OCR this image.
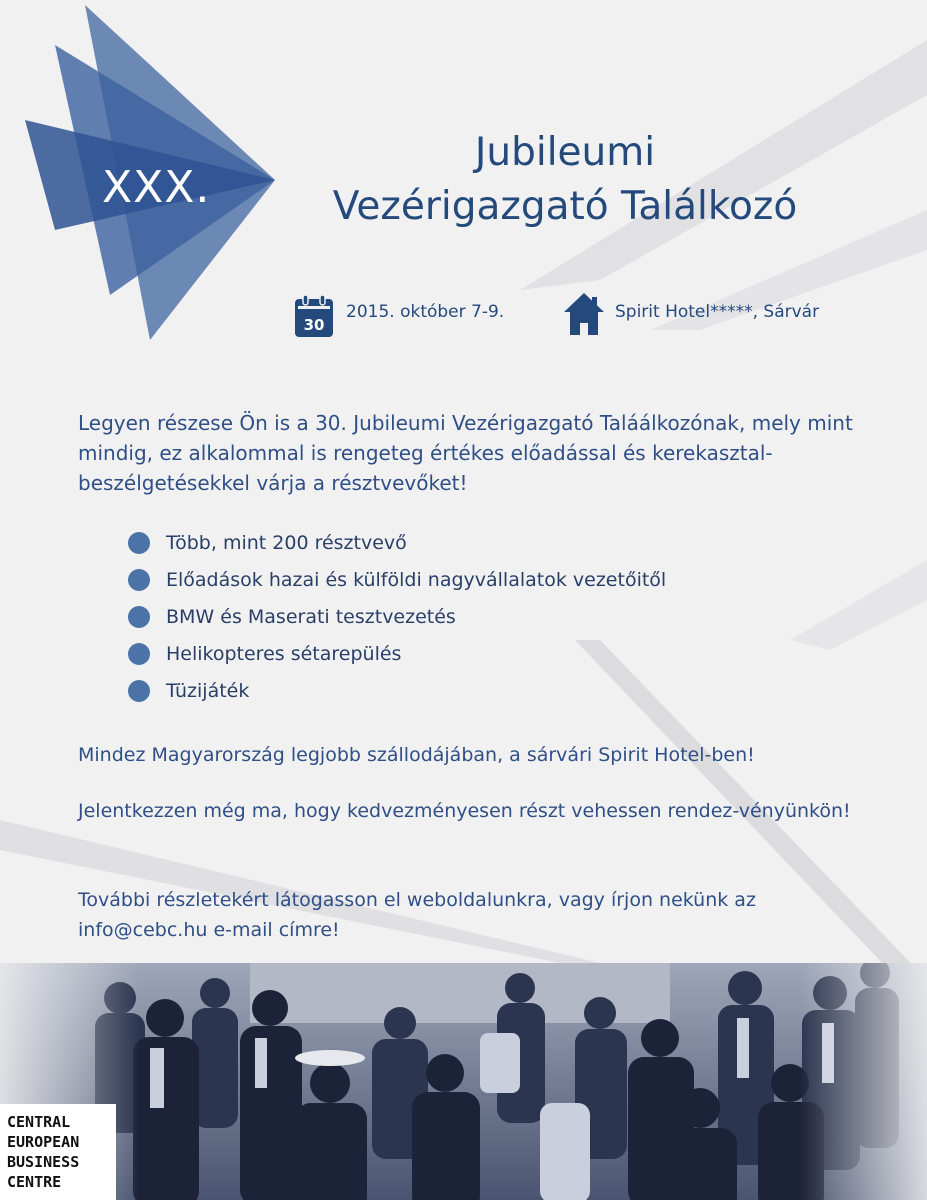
XXX.
Jubileumi
Vezérigazgató Találkozó
30
2015. október 7-9.	Spirit Hotel*****, Sárvár

Legyen részese Ön is a 30. Jubileumi Vezérigazgató Taláálkozónak, mely mint mindig, ez alkalommal is rengeteg értékes előadással és kerekasztal-beszélgetésekkel várja a résztvevőket!

Több, mint 200 résztvevő
Előadások hazai és külföldi nagyvállalatok vezetőitől
BMW és Maserati tesztvezetés
Helikopteres sétarepülés
Tüzijáték

Mindez Magyarország legjobb szállodájában, a sárvári Spirit Hotel-ben!

Jelentkezzen még ma, hogy kedvezményesen részt vehessen rendez-vényünkön!

További részletekért látogasson el weboldalunkra, vagy írjon nekünk az info@cebc.hu e-mail címre!

CENTRAL
EUROPEAN
BUSINESS
CENTRE
